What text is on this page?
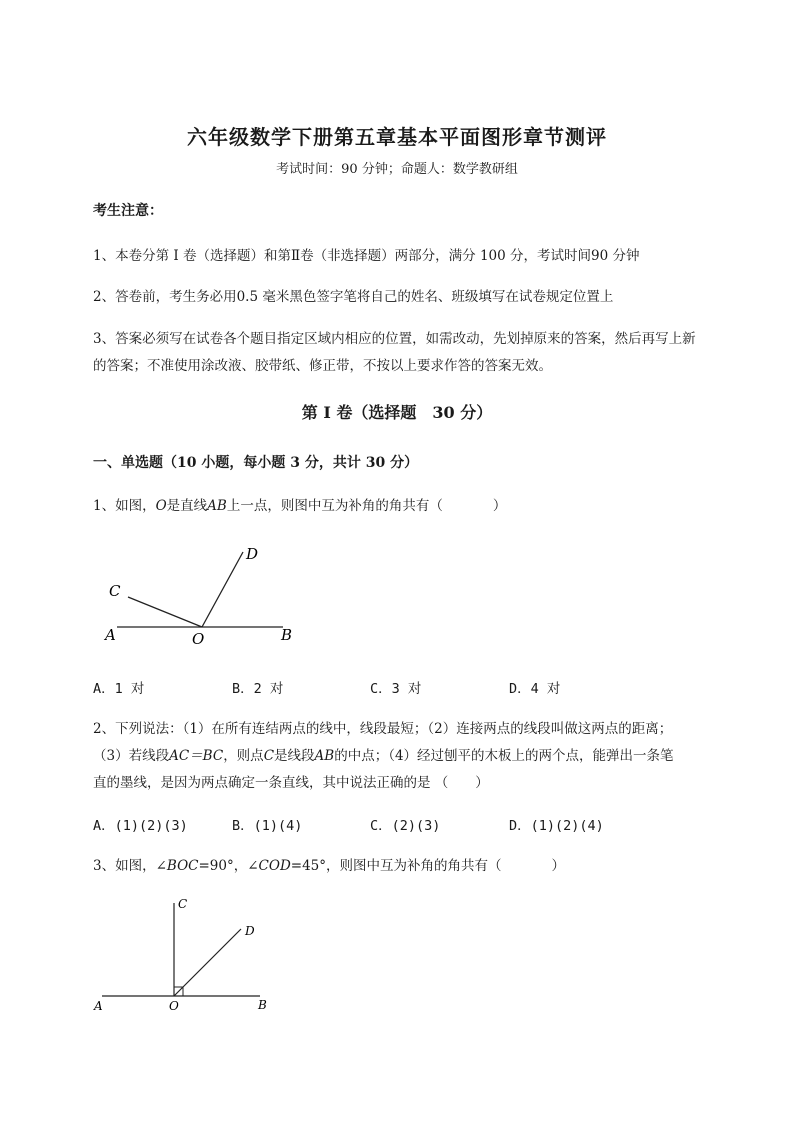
六年级数学下册第五章基本平面图形章节测评
考试时间：90 分钟；命题人：数学教研组
考生注意：
1、本卷分第 I 卷（选择题）和第Ⅱ卷（非选择题）两部分，满分 100 分，考试时间90 分钟
2、答卷前，考生务必用0.5 毫米黑色签字笔将自己的姓名、班级填写在试卷规定位置上
3、答案必须写在试卷各个题目指定区域内相应的位置，如需改动，先划掉原来的答案，然后再写上新
的答案；不准使用涂改液、胶带纸、修正带，不按以上要求作答的答案无效。
第 I 卷（选择题　30 分）
一、单选题（10 小题，每小题 3 分，共计 30 分）
1、如图，O是直线AB上一点，则图中互为补角的角共有（	）
A	B
C
D
O
A．1 对	B．2 对	C．3 对	D．4 对
2、下列说法：（1）在所有连结两点的线中，线段最短；（2）连接两点的线段叫做这两点的距离；
（3）若线段AC＝BC，则点C是线段AB的中点；（4）经过刨平的木板上的两个点，能弹出一条笔
直的墨线，是因为两点确定一条直线，其中说法正确的是 （　　）
A．(1)(2)(3)	B．(1)(4)	C．(2)(3)	D．(1)(2)(4)
3、如图，∠BOC=90°，∠COD=45°，则图中互为补角的角共有（	）
A	B
C
D
O
